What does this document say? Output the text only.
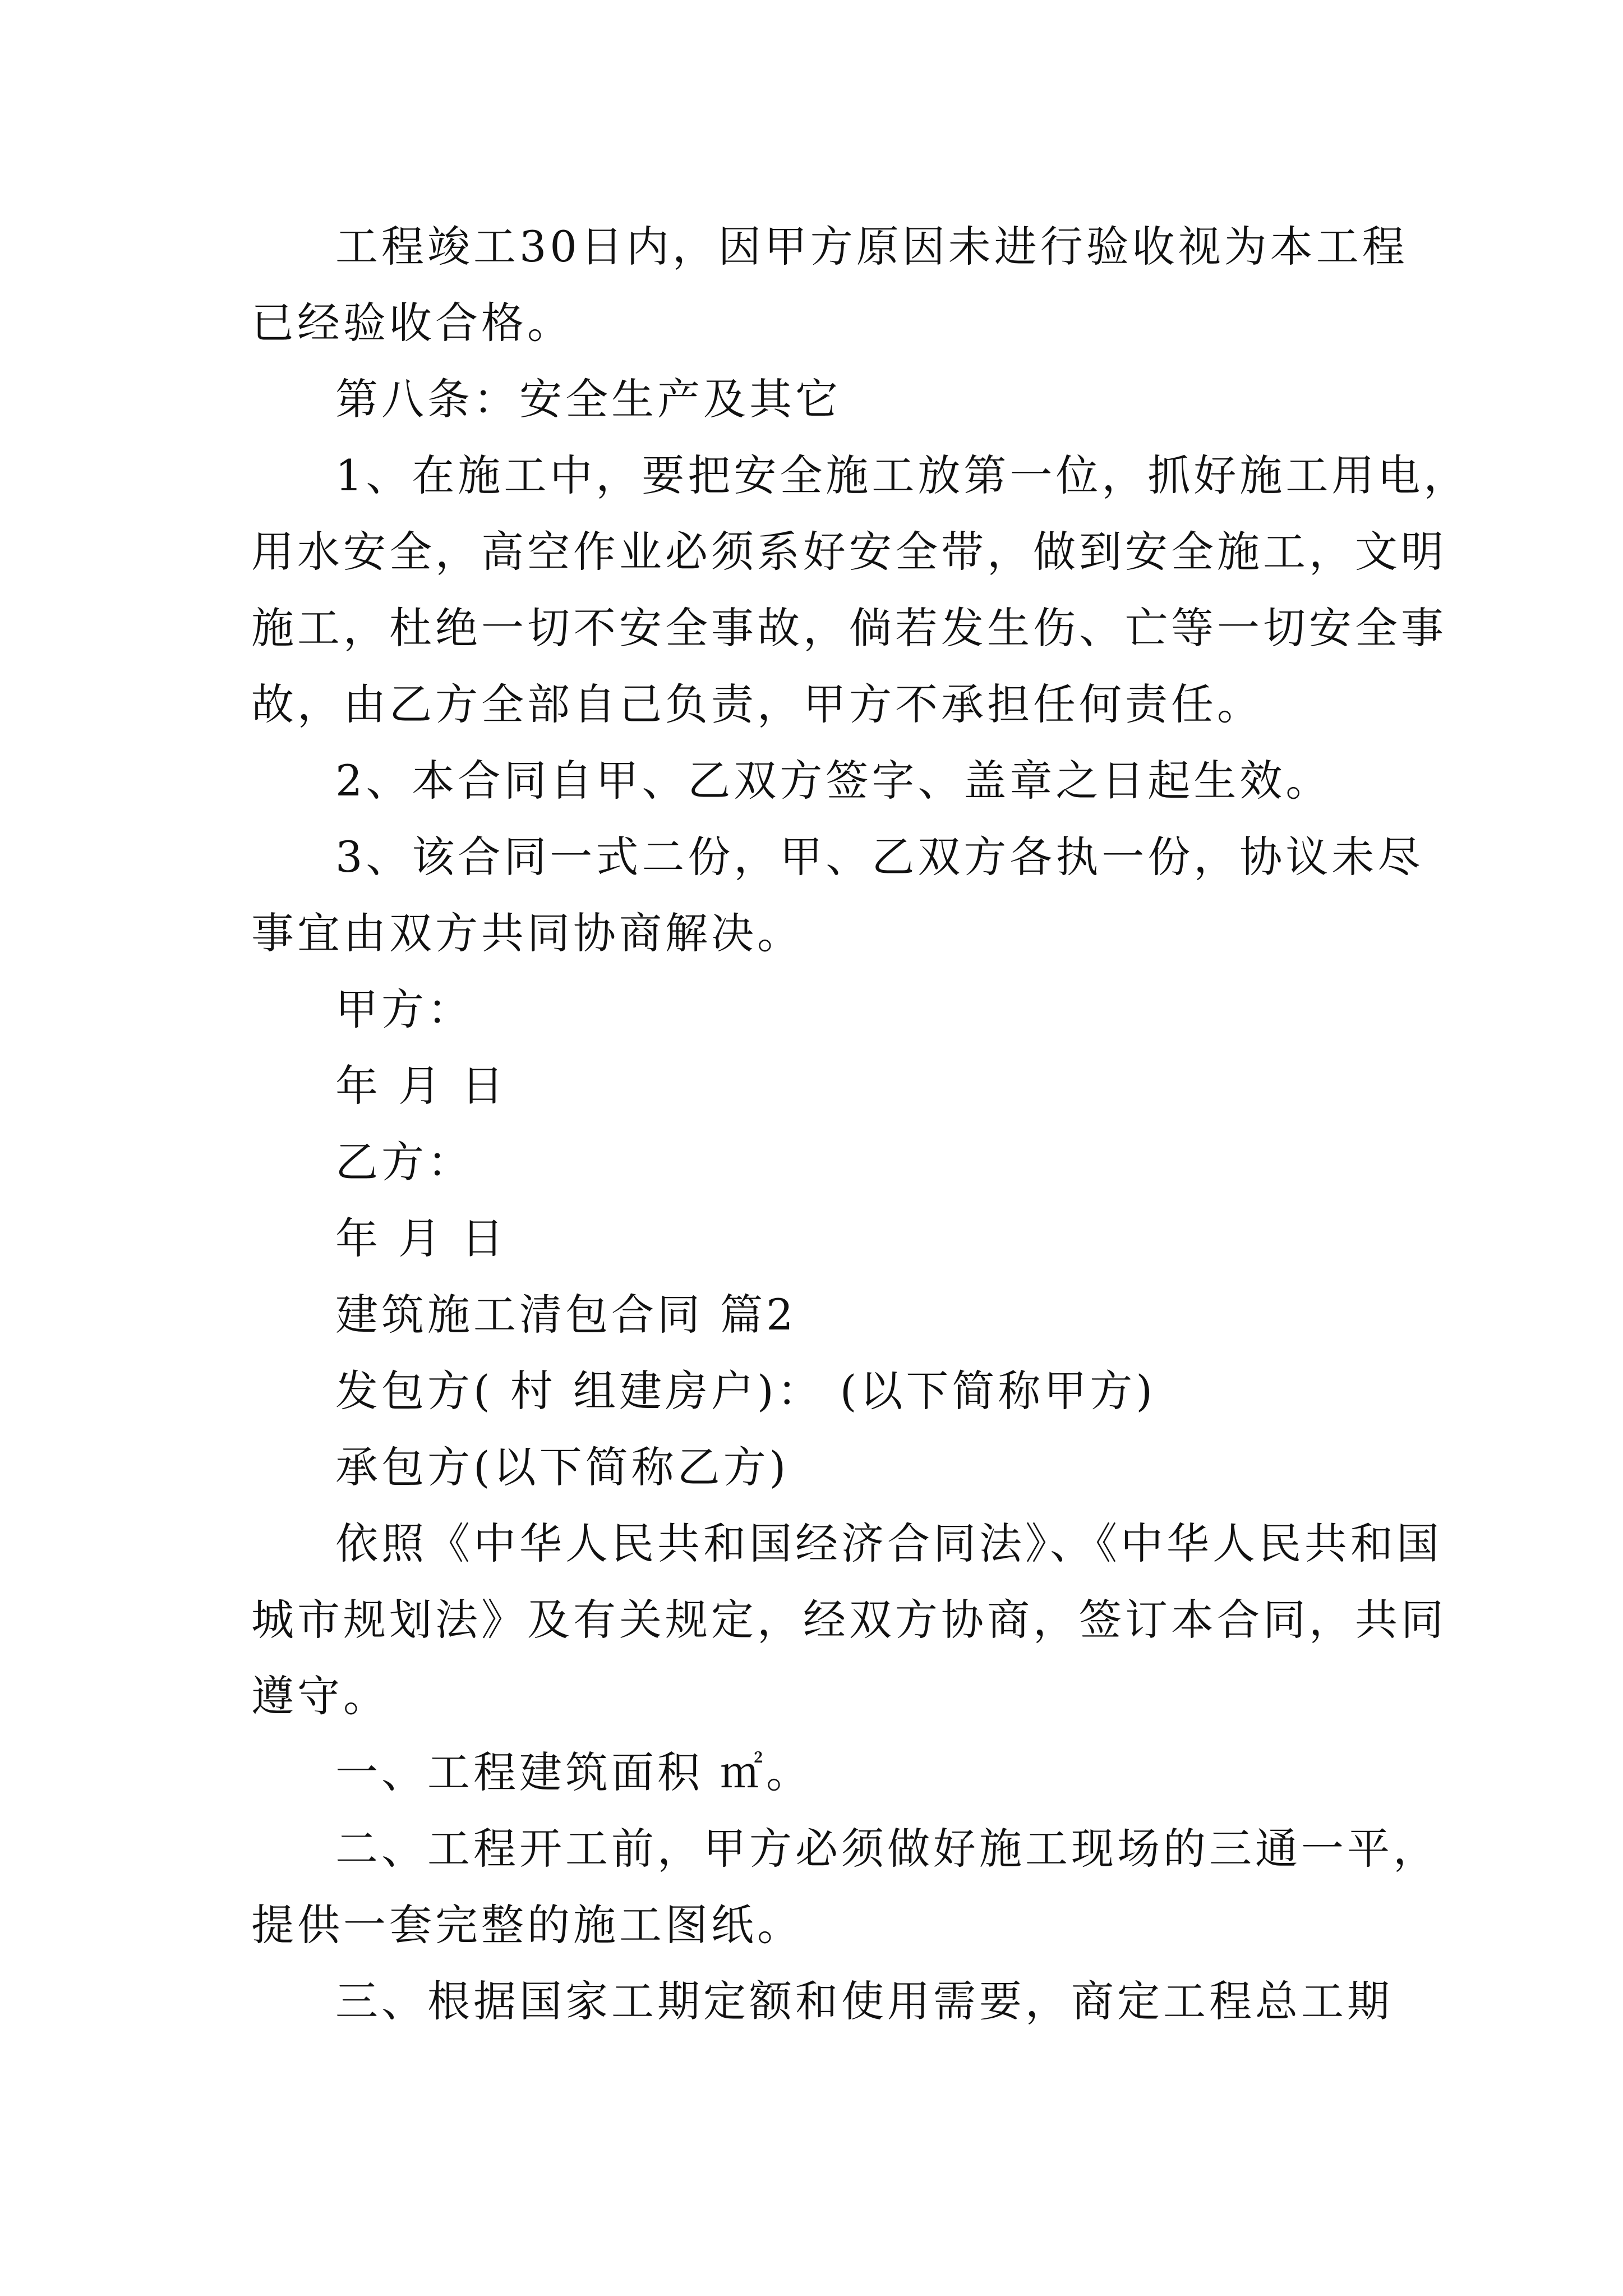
工程竣工30日内，因甲方原因未进行验收视为本工程
已经验收合格。
第八条：安全生产及其它
1、在施工中，要把安全施工放第一位，抓好施工用电，
用水安全，高空作业必须系好安全带，做到安全施工，文明
施工，杜绝一切不安全事故，倘若发生伤、亡等一切安全事
故，由乙方全部自己负责，甲方不承担任何责任。
2、本合同自甲、乙双方签字、盖章之日起生效。
3、该合同一式二份，甲、乙双方各执一份，协议未尽
事宜由双方共同协商解决。
甲方：
年 月 日
乙方：
年 月 日
建筑施工清包合同 篇2
发包方( 村 组建房户)： (以下简称甲方)
承包方(以下简称乙方)
依照《中华人民共和国经济合同法》、《中华人民共和国
城市规划法》及有关规定，经双方协商，签订本合同，共同
遵守。
一、工程建筑面积 ㎡。
二、工程开工前，甲方必须做好施工现场的三通一平，
提供一套完整的施工图纸。
三、根据国家工期定额和使用需要，商定工程总工期
